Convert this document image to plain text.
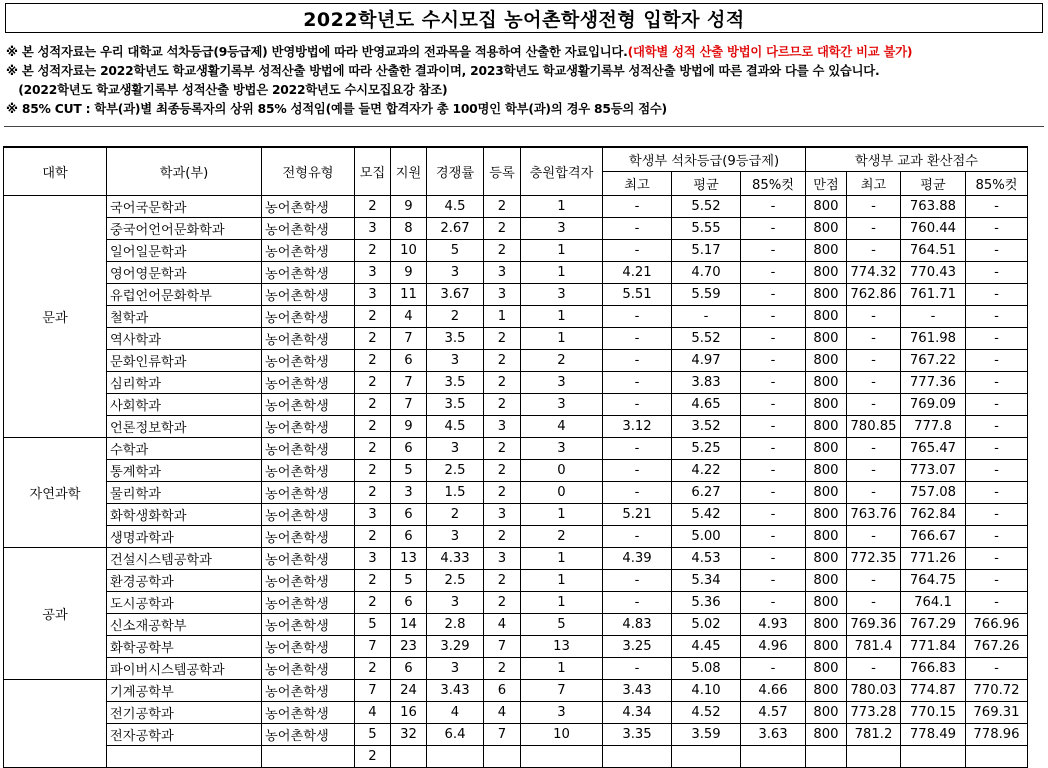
2022학년도 수시모집 농어촌학생전형 입학자 성적
※ 본 성적자료는 우리 대학교 석차등급(9등급제) 반영방법에 따라 반영교과의 전과목을 적용하여 산출한 자료입니다.(대학별 성적 산출 방법이 다르므로 대학간 비교 불가)
※ 본 성적자료는 2022학년도 학교생활기록부 성적산출 방법에 따라 산출한 결과이며, 2023학년도 학교생활기록부 성적산출 방법에 따른 결과와 다를 수 있습니다.
(2022학년도 학교생활기록부 성적산출 방법은 2022학년도 수시모집요강 참조)
※ 85% CUT : 학부(과)별 최종등록자의 상위 85% 성적임(예를 들면 합격자가 총 100명인 학부(과)의 경우 85등의 점수)
대학	학과(부)	전형유형	모집	지원	경쟁률	등록	충원합격자	학생부 석차등급(9등급제)			학생부 교과 환산점수			
								최고	평균	85%컷	만점	최고	평균	85%컷
문과	국어국문학과	농어촌학생	2	9	4.5	2	1	-	5.52	-	800	-	763.88	-
	중국어언어문화학과	농어촌학생	3	8	2.67	2	3	-	5.55	-	800	-	760.44	-
	일어일문학과	농어촌학생	2	10	5	2	1	-	5.17	-	800	-	764.51	-
	영어영문학과	농어촌학생	3	9	3	3	1	4.21	4.70	-	800	774.32	770.43	-
	유럽언어문화학부	농어촌학생	3	11	3.67	3	3	5.51	5.59	-	800	762.86	761.71	-
	철학과	농어촌학생	2	4	2	1	1	-	-	-	800	-	-	-
	역사학과	농어촌학생	2	7	3.5	2	1	-	5.52	-	800	-	761.98	-
	문화인류학과	농어촌학생	2	6	3	2	2	-	4.97	-	800	-	767.22	-
	심리학과	농어촌학생	2	7	3.5	2	3	-	3.83	-	800	-	777.36	-
	사회학과	농어촌학생	2	7	3.5	2	3	-	4.65	-	800	-	769.09	-
	언론정보학과	농어촌학생	2	9	4.5	3	4	3.12	3.52	-	800	780.85	777.8	-
자연과학	수학과	농어촌학생	2	6	3	2	3	-	5.25	-	800	-	765.47	-
	통계학과	농어촌학생	2	5	2.5	2	0	-	4.22	-	800	-	773.07	-
	물리학과	농어촌학생	2	3	1.5	2	0	-	6.27	-	800	-	757.08	-
	화학생화학과	농어촌학생	3	6	2	3	1	5.21	5.42	-	800	763.76	762.84	-
	생명과학과	농어촌학생	2	6	3	2	2	-	5.00	-	800	-	766.67	-
공과	건설시스템공학과	농어촌학생	3	13	4.33	3	1	4.39	4.53	-	800	772.35	771.26	-
	환경공학과	농어촌학생	2	5	2.5	2	1	-	5.34	-	800	-	764.75	-
	도시공학과	농어촌학생	2	6	3	2	1	-	5.36	-	800	-	764.1	-
	신소재공학부	농어촌학생	5	14	2.8	4	5	4.83	5.02	4.93	800	769.36	767.29	766.96
	화학공학부	농어촌학생	7	23	3.29	7	13	3.25	4.45	4.96	800	781.4	771.84	767.26
	파이버시스템공학과	농어촌학생	2	6	3	2	1	-	5.08	-	800	-	766.83	-
	기계공학부	농어촌학생	7	24	3.43	6	7	3.43	4.10	4.66	800	780.03	774.87	770.72
	전기공학과	농어촌학생	4	16	4	4	3	4.34	4.52	4.57	800	773.28	770.15	769.31
	전자공학과	농어촌학생	5	32	6.4	7	10	3.35	3.59	3.63	800	781.2	778.49	778.96
			2											
